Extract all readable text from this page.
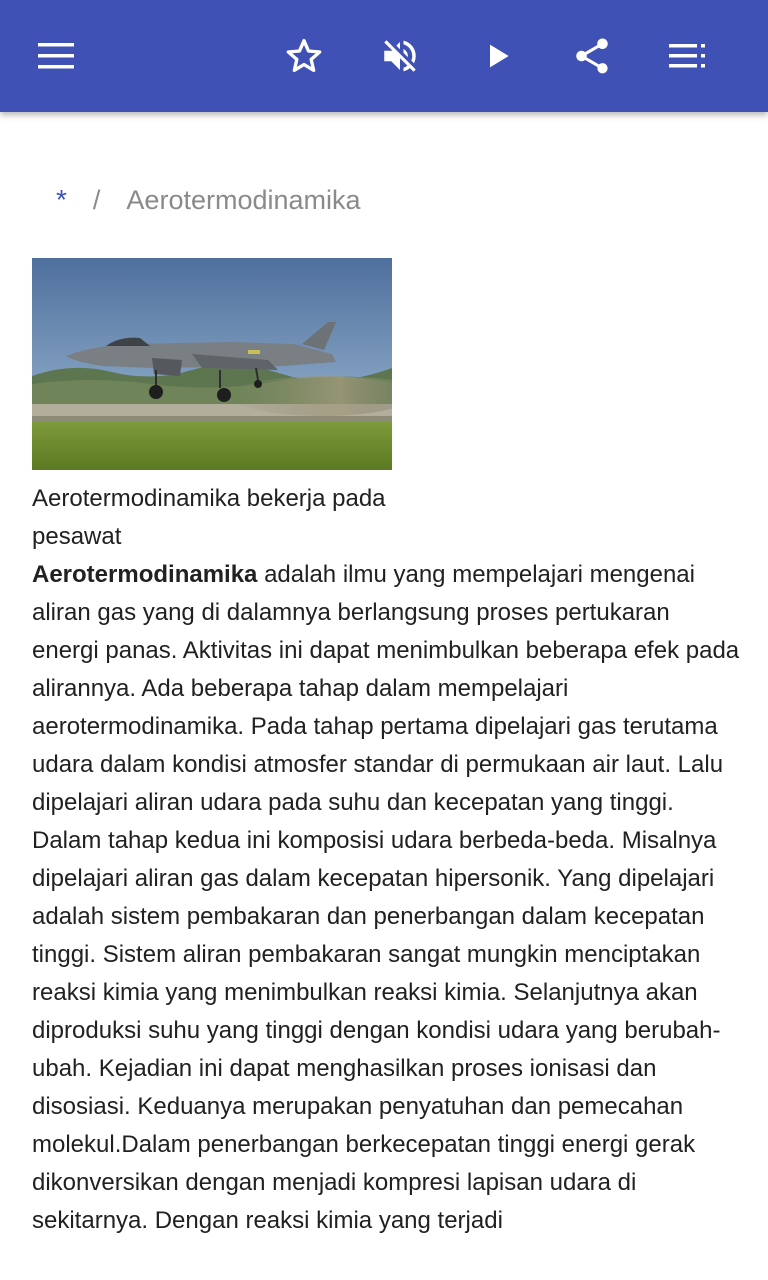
* / Aerotermodinamika
Aerotermodinamika bekerja pada pesawat

Aerotermodinamika adalah ilmu yang mempelajari mengenai aliran gas yang di dalamnya berlangsung proses pertukaran energi panas. Aktivitas ini dapat menimbulkan beberapa efek pada alirannya. Ada beberapa tahap dalam mempelajari aerotermodinamika. Pada tahap pertama dipelajari gas terutama udara dalam kondisi atmosfer standar di permukaan air laut. Lalu dipelajari aliran udara pada suhu dan kecepatan yang tinggi. Dalam tahap kedua ini komposisi udara berbeda-beda. Misalnya dipelajari aliran gas dalam kecepatan hipersonik. Yang dipelajari adalah sistem pembakaran dan penerbangan dalam kecepatan tinggi. Sistem aliran pembakaran sangat mungkin menciptakan reaksi kimia yang menimbulkan reaksi kimia. Selanjutnya akan diproduksi suhu yang tinggi dengan kondisi udara yang berubah-ubah. Kejadian ini dapat menghasilkan proses ionisasi dan disosiasi. Keduanya merupakan penyatuhan dan pemecahan molekul.Dalam penerbangan berkecepatan tinggi energi gerak dikonversikan dengan menjadi kompresi lapisan udara di sekitarnya. Dengan reaksi kimia yang terjadi
